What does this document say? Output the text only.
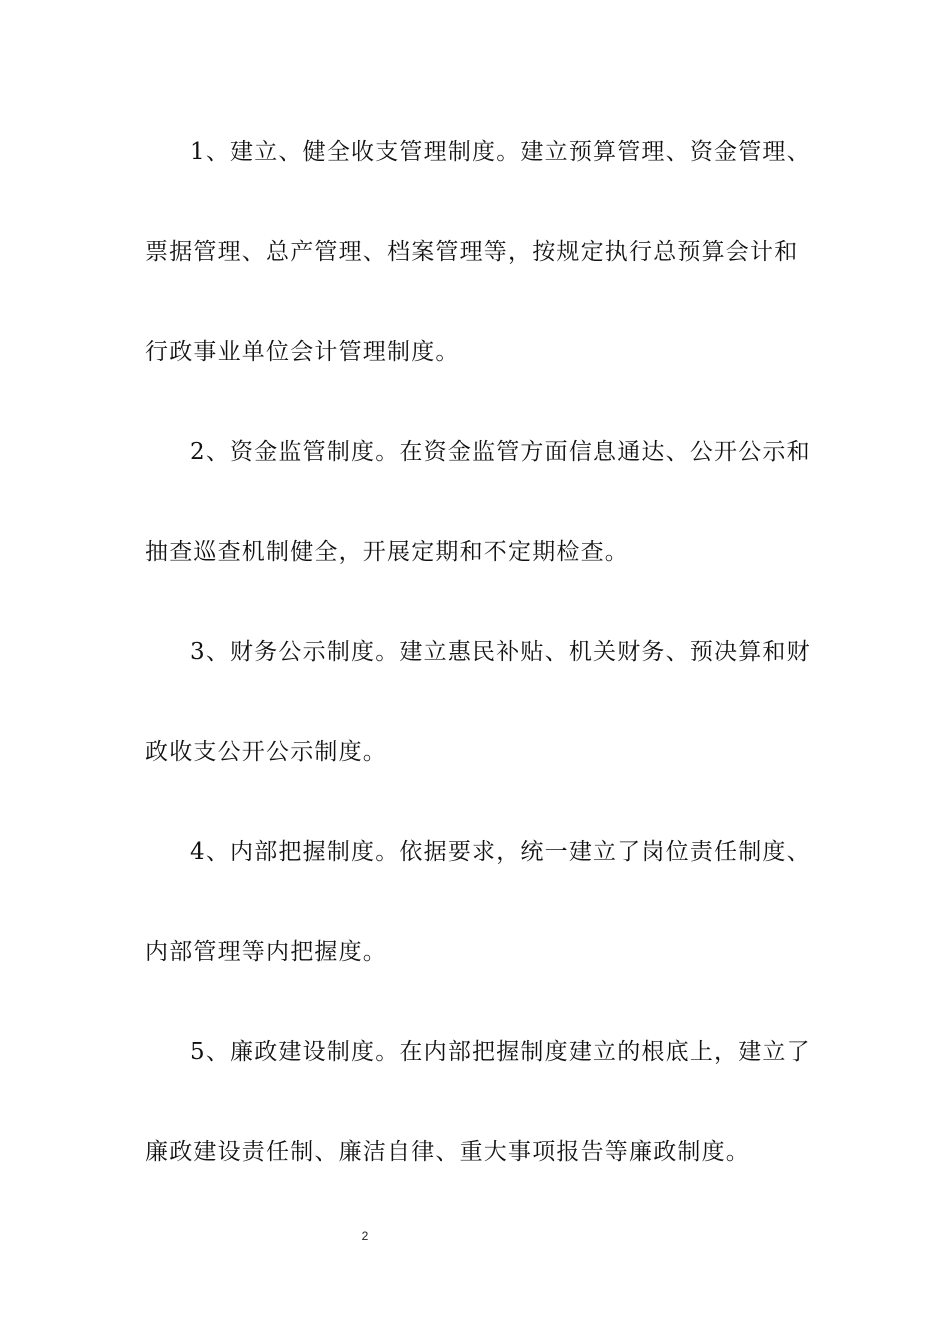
1、建立、健全收支管理制度。建立预算管理、资金管理、
票据管理、总产管理、档案管理等，按规定执行总预算会计和
行政事业单位会计管理制度。
2、资金监管制度。在资金监管方面信息通达、公开公示和
抽查巡查机制健全，开展定期和不定期检查。
3、财务公示制度。建立惠民补贴、机关财务、预决算和财
政收支公开公示制度。
4、内部把握制度。依据要求，统一建立了岗位责任制度、
内部管理等内把握度。
5、廉政建设制度。在内部把握制度建立的根底上，建立了
廉政建设责任制、廉洁自律、重大事项报告等廉政制度。
2
